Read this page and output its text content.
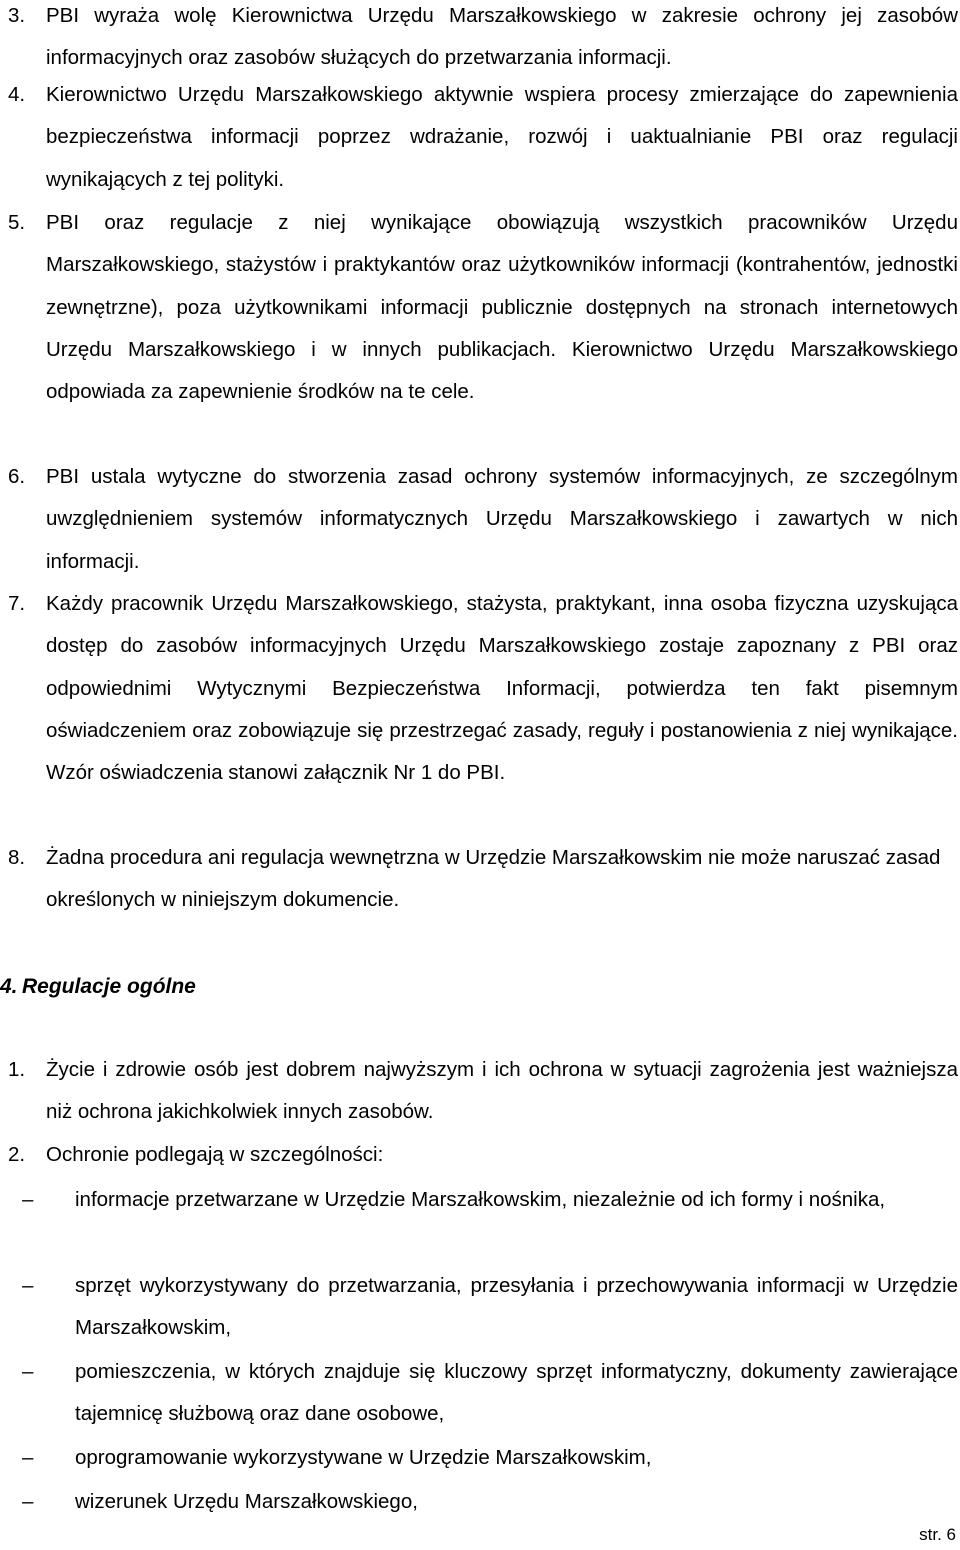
3. PBI wyraża wolę Kierownictwa Urzędu Marszałkowskiego w zakresie ochrony jej zasobów informacyjnych oraz zasobów służących do przetwarzania informacji.
4. Kierownictwo Urzędu Marszałkowskiego aktywnie wspiera procesy zmierzające do zapewnienia bezpieczeństwa informacji poprzez wdrażanie, rozwój i uaktualnianie PBI oraz regulacji wynikających z tej polityki.
5. PBI oraz regulacje z niej wynikające obowiązują wszystkich pracowników Urzędu Marszałkowskiego, stażystów i praktykantów oraz użytkowników informacji (kontrahentów, jednostki zewnętrzne), poza użytkownikami informacji publicznie dostępnych na stronach internetowych Urzędu Marszałkowskiego i w innych publikacjach. Kierownictwo Urzędu Marszałkowskiego odpowiada za zapewnienie środków na te cele.
6. PBI ustala wytyczne do stworzenia zasad ochrony systemów informacyjnych, ze szczególnym uwzględnieniem systemów informatycznych Urzędu Marszałkowskiego i zawartych w nich informacji.
7. Każdy pracownik Urzędu Marszałkowskiego, stażysta, praktykant, inna osoba fizyczna uzyskująca dostęp do zasobów informacyjnych Urzędu Marszałkowskiego zostaje zapoznany z PBI oraz odpowiednimi Wytycznymi Bezpieczeństwa Informacji, potwierdza ten fakt pisemnym oświadczeniem oraz zobowiązuje się przestrzegać zasady, reguły i postanowienia z niej wynikające. Wzór oświadczenia stanowi załącznik Nr 1 do PBI.
8. Żadna procedura ani regulacja wewnętrzna w Urzędzie Marszałkowskim nie może naruszać zasad określonych w niniejszym dokumencie.
4. Regulacje ogólne
1. Życie i zdrowie osób jest dobrem najwyższym i ich ochrona w sytuacji zagrożenia jest ważniejsza niż ochrona jakichkolwiek innych zasobów.
2. Ochronie podlegają w szczególności:
– informacje przetwarzane w Urzędzie Marszałkowskim, niezależnie od ich formy i nośnika,
– sprzęt wykorzystywany do przetwarzania, przesyłania i przechowywania informacji w Urzędzie Marszałkowskim,
– pomieszczenia, w których znajduje się kluczowy sprzęt informatyczny, dokumenty zawierające tajemnicę służbową oraz dane osobowe,
– oprogramowanie wykorzystywane w Urzędzie Marszałkowskim,
– wizerunek Urzędu Marszałkowskiego,
str. 6
